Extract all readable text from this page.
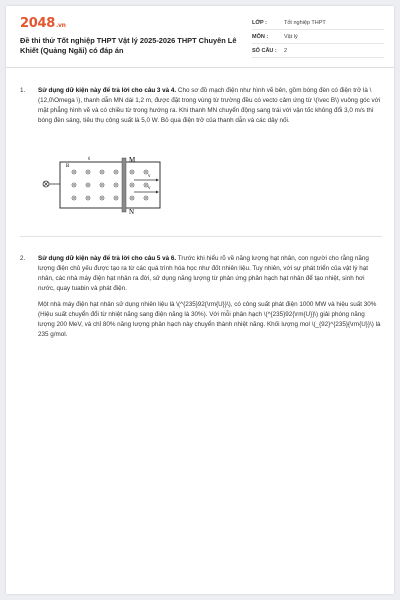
2048.vn
Đề thi thử Tốt nghiệp THPT Vật lý 2025-2026 THPT Chuyên Lê Khiết (Quảng Ngãi) có đáp án
LỚP :	Tốt nghiệp THPT
MÔN :	Vật lý
SỐ CÂU :	2
1.	Sử dụng dữ kiện này để trả lời cho câu 3 và 4. Cho sơ đồ mạch điện như hình vẽ bên, gồm bóng đèn có điện trở là \(12,0\Omega \), thanh dẫn MN dài 1,2 m, được đặt trong vùng từ trường đều có vecto cảm ứng từ \(\vec B\) vuông góc với mặt phẳng hình vẽ và có chiều từ trong hướng ra. Khi thanh MN chuyển động sang trái với vận tốc không đổi 3,0 m/s thì bóng đèn sáng, tiêu thụ công suất là 5,0 W. Bỏ qua điện trở của thanh dẫn và các dây nối.
M
N
B
ℓ
v
v
2.	Sử dụng dữ kiện này để trả lời cho câu 5 và 6. Trước khi hiểu rõ về năng lượng hạt nhân, con người cho rằng năng lượng điện chủ yếu được tạo ra từ các quá trình hóa học như đốt nhiên liệu. Tuy nhiên, với sự phát triển của vật lý hạt nhân, các nhà máy điện hạt nhân ra đời, sử dụng năng lượng từ phản ứng phân hạch hạt nhân để tạo nhiệt, sinh hơi nước, quay tuabin và phát điện.
Một nhà máy điện hạt nhân sử dụng nhiên liệu là \(^{235}92{\rm{U}}\), có công suất phát điện 1000 MW và hiệu suất 30% (Hiệu suất chuyển đổi từ nhiệt năng sang điện năng là 30%). Với mỗi phân hạch \(^{235}92{\rm{U}}\) giải phóng năng lượng 200 MeV, và chỉ 80% năng lượng phân hạch này chuyển thành nhiệt năng. Khối lượng mol \(_{92}^{235}{\rm{U}}\) là 235 g/mol.
